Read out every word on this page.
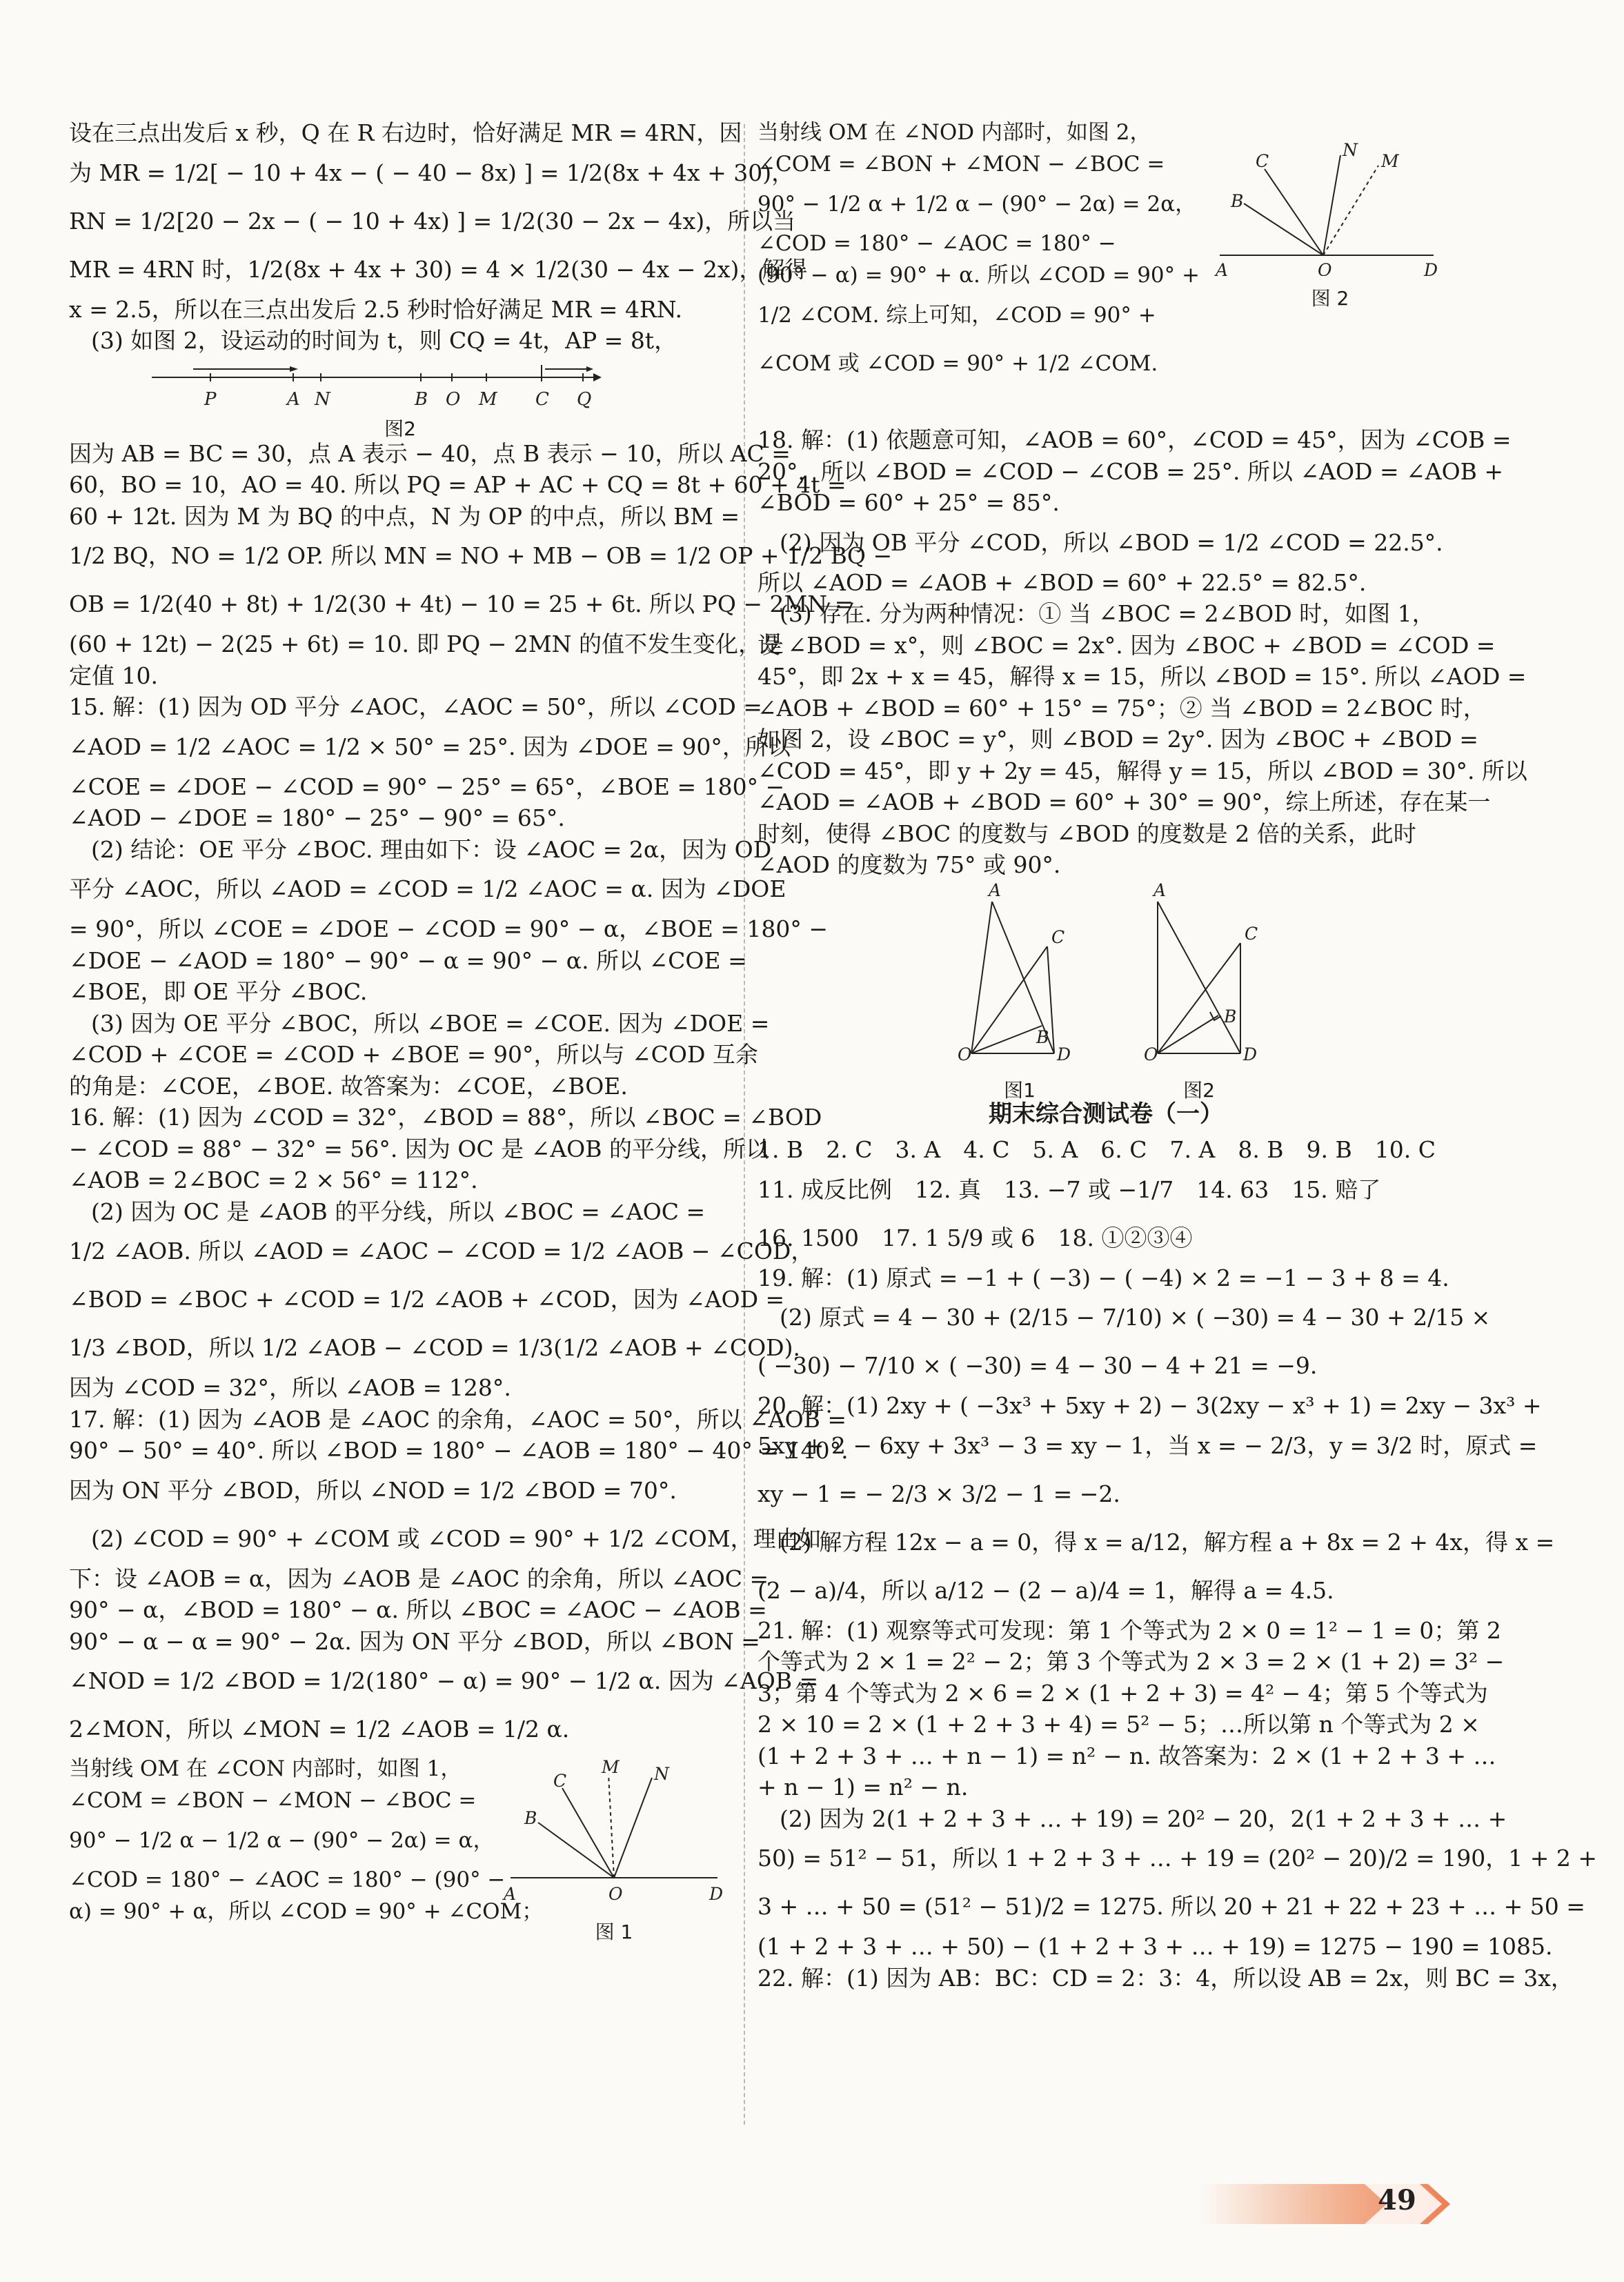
设在三点出发后 x 秒，Q 在 R 右边时，恰好满足 MR = 4RN，因
为 MR = 1/2[ − 10 + 4x − ( − 40 − 8x) ] = 1/2(8x + 4x + 30)，
RN = 1/2[20 − 2x − ( − 10 + 4x) ] = 1/2(30 − 2x − 4x)，所以当
MR = 4RN 时，1/2(8x + 4x + 30) = 4 × 1/2(30 − 4x − 2x)，解得
x = 2.5，所以在三点出发后 2.5 秒时恰好满足 MR = 4RN.
(3) 如图 2，设运动的时间为 t，则 CQ = 4t，AP = 8t，
P	A N	B O M C Q
图2
因为 AB = BC = 30，点 A 表示 − 40，点 B 表示 − 10，所以 AC =
60，BO = 10，AO = 40. 所以 PQ = AP + AC + CQ = 8t + 60 + 4t =
60 + 12t. 因为 M 为 BQ 的中点，N 为 OP 的中点，所以 BM =
1/2 BQ，NO = 1/2 OP. 所以 MN = NO + MB − OB = 1/2 OP + 1/2 BQ −
OB = 1/2(40 + 8t) + 1/2(30 + 4t) − 10 = 25 + 6t. 所以 PQ − 2MN =
(60 + 12t) − 2(25 + 6t) = 10. 即 PQ − 2MN 的值不发生变化，是
定值 10.
15. 解：(1) 因为 OD 平分 ∠AOC，∠AOC = 50°，所以 ∠COD =
∠AOD = 1/2 ∠AOC = 1/2 × 50° = 25°. 因为 ∠DOE = 90°，所以
∠COE = ∠DOE − ∠COD = 90° − 25° = 65°，∠BOE = 180° −
∠AOD − ∠DOE = 180° − 25° − 90° = 65°.
(2) 结论：OE 平分 ∠BOC. 理由如下：设 ∠AOC = 2α，因为 OD
平分 ∠AOC，所以 ∠AOD = ∠COD = 1/2 ∠AOC = α. 因为 ∠DOE
= 90°，所以 ∠COE = ∠DOE − ∠COD = 90° − α，∠BOE = 180° −
∠DOE − ∠AOD = 180° − 90° − α = 90° − α. 所以 ∠COE =
∠BOE，即 OE 平分 ∠BOC.
(3) 因为 OE 平分 ∠BOC，所以 ∠BOE = ∠COE. 因为 ∠DOE =
∠COD + ∠COE = ∠COD + ∠BOE = 90°，所以与 ∠COD 互余
的角是：∠COE，∠BOE. 故答案为：∠COE，∠BOE.
16. 解：(1) 因为 ∠COD = 32°，∠BOD = 88°，所以 ∠BOC = ∠BOD
− ∠COD = 88° − 32° = 56°. 因为 OC 是 ∠AOB 的平分线，所以
∠AOB = 2∠BOC = 2 × 56° = 112°.
(2) 因为 OC 是 ∠AOB 的平分线，所以 ∠BOC = ∠AOC =
1/2 ∠AOB. 所以 ∠AOD = ∠AOC − ∠COD = 1/2 ∠AOB − ∠COD，
∠BOD = ∠BOC + ∠COD = 1/2 ∠AOB + ∠COD，因为 ∠AOD =
1/3 ∠BOD，所以 1/2 ∠AOB − ∠COD = 1/3(1/2 ∠AOB + ∠COD).
因为 ∠COD = 32°，所以 ∠AOB = 128°.
17. 解：(1) 因为 ∠AOB 是 ∠AOC 的余角，∠AOC = 50°，所以 ∠AOB =
90° − 50° = 40°. 所以 ∠BOD = 180° − ∠AOB = 180° − 40° = 140°.
因为 ON 平分 ∠BOD，所以 ∠NOD = 1/2 ∠BOD = 70°.
(2) ∠COD = 90° + ∠COM 或 ∠COD = 90° + 1/2 ∠COM，理由如
下：设 ∠AOB = α，因为 ∠AOB 是 ∠AOC 的余角，所以 ∠AOC =
90° − α，∠BOD = 180° − α. 所以 ∠BOC = ∠AOC − ∠AOB =
90° − α − α = 90° − 2α. 因为 ON 平分 ∠BOD，所以 ∠BON =
∠NOD = 1/2 ∠BOD = 1/2(180° − α) = 90° − 1/2 α. 因为 ∠AOB =
2∠MON，所以 ∠MON = 1/2 ∠AOB = 1/2 α.
当射线 OM 在 ∠CON 内部时，如图 1，
∠COM = ∠BON − ∠MON − ∠BOC =
90° − 1/2 α − 1/2 α − (90° − 2α) = α，
∠COD = 180° − ∠AOC = 180° − (90° −
α) = 90° + α，所以 ∠COD = 90° + ∠COM；
A
B
C
M N
O	D
图 1
当射线 OM 在 ∠NOD 内部时，如图 2，
∠COM = ∠BON + ∠MON − ∠BOC =
90° − 1/2 α + 1/2 α − (90° − 2α) = 2α，
∠COD = 180° − ∠AOC = 180° −
(90° − α) = 90° + α. 所以 ∠COD = 90° +
1/2 ∠COM. 综上可知，∠COD = 90° +
∠COM 或 ∠COD = 90° + 1/2 ∠COM.
A
B
C
N
M
O	D
图 2
18. 解：(1) 依题意可知，∠AOB = 60°，∠COD = 45°，因为 ∠COB =
20°，所以 ∠BOD = ∠COD − ∠COB = 25°. 所以 ∠AOD = ∠AOB +
∠BOD = 60° + 25° = 85°.
(2) 因为 OB 平分 ∠COD，所以 ∠BOD = 1/2 ∠COD = 22.5°.
所以 ∠AOD = ∠AOB + ∠BOD = 60° + 22.5° = 82.5°.
(3) 存在. 分为两种情况：① 当 ∠BOC = 2∠BOD 时，如图 1，
设 ∠BOD = x°，则 ∠BOC = 2x°. 因为 ∠BOC + ∠BOD = ∠COD =
45°，即 2x + x = 45，解得 x = 15，所以 ∠BOD = 15°. 所以 ∠AOD =
∠AOB + ∠BOD = 60° + 15° = 75°；② 当 ∠BOD = 2∠BOC 时，
如图 2，设 ∠BOC = y°，则 ∠BOD = 2y°. 因为 ∠BOC + ∠BOD =
∠COD = 45°，即 y + 2y = 45，解得 y = 15，所以 ∠BOD = 30°. 所以
∠AOD = ∠AOB + ∠BOD = 60° + 30° = 90°，综上所述，存在某一
时刻，使得 ∠BOC 的度数与 ∠BOD 的度数是 2 倍的关系，此时
∠AOD 的度数为 75° 或 90°.
A
C
B
O	D
图1
A
C
B
O	D
图2
期末综合测试卷（一）
1. B　2. C　3. A　4. C　5. A　6. C　7. A　8. B　9. B　10. C
11. 成反比例　12. 真　13. −7 或 −1/7　14. 63　15. 赔了
16. 1500　17. 1 5/9 或 6　18. ①②③④
19. 解：(1) 原式 = −1 + ( −3) − ( −4) × 2 = −1 − 3 + 8 = 4.
(2) 原式 = 4 − 30 + (2/15 − 7/10) × ( −30) = 4 − 30 + 2/15 ×
( −30) − 7/10 × ( −30) = 4 − 30 − 4 + 21 = −9.
20. 解：(1) 2xy + ( −3x³ + 5xy + 2) − 3(2xy − x³ + 1) = 2xy − 3x³ +
5xy + 2 − 6xy + 3x³ − 3 = xy − 1，当 x = − 2/3，y = 3/2 时，原式 =
xy − 1 = − 2/3 × 3/2 − 1 = −2.
(2) 解方程 12x − a = 0，得 x = a/12，解方程 a + 8x = 2 + 4x，得 x =
(2 − a)/4，所以 a/12 − (2 − a)/4 = 1，解得 a = 4.5.
21. 解：(1) 观察等式可发现：第 1 个等式为 2 × 0 = 1² − 1 = 0；第 2
个等式为 2 × 1 = 2² − 2；第 3 个等式为 2 × 3 = 2 × (1 + 2) = 3² −
3；第 4 个等式为 2 × 6 = 2 × (1 + 2 + 3) = 4² − 4；第 5 个等式为
2 × 10 = 2 × (1 + 2 + 3 + 4) = 5² − 5；…所以第 n 个等式为 2 ×
(1 + 2 + 3 + … + n − 1) = n² − n. 故答案为：2 × (1 + 2 + 3 + …
+ n − 1) = n² − n.
(2) 因为 2(1 + 2 + 3 + … + 19) = 20² − 20，2(1 + 2 + 3 + … +
50) = 51² − 51，所以 1 + 2 + 3 + … + 19 = (20² − 20)/2 = 190，1 + 2 +
3 + … + 50 = (51² − 51)/2 = 1275. 所以 20 + 21 + 22 + 23 + … + 50 =
(1 + 2 + 3 + … + 50) − (1 + 2 + 3 + … + 19) = 1275 − 190 = 1085.
22. 解：(1) 因为 AB：BC：CD = 2：3：4，所以设 AB = 2x，则 BC = 3x，
49
